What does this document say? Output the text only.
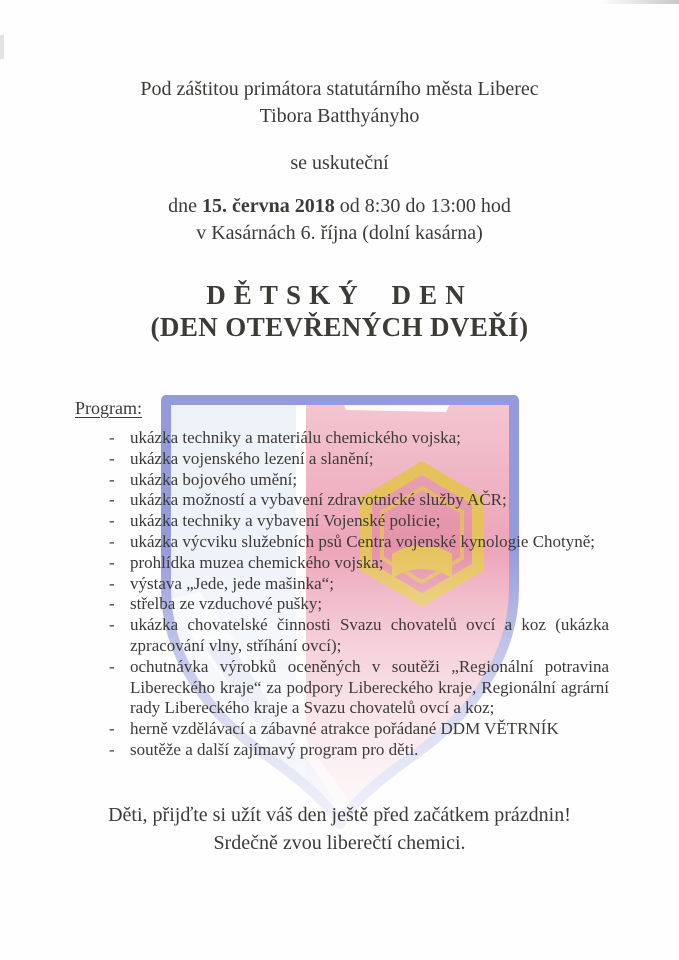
Pod záštitou primátora statutárního města Liberec
Tibora Batthyányho
se uskuteční
dne 15. června 2018 od 8:30 do 13:00 hod
v Kasárnách 6. října (dolní kasárna)
DĚTSKÝ DEN
(DEN OTEVŘENÝCH DVEŘÍ)
Program:
- ukázka techniky a materiálu chemického vojska;
- ukázka vojenského lezení a slanění;
- ukázka bojového umění;
- ukázka možností a vybavení zdravotnické služby AČR;
- ukázka techniky a vybavení Vojenské policie;
- ukázka výcviku služebních psů Centra vojenské kynologie Chotyně;
- prohlídka muzea chemického vojska;
- výstava „Jede, jede mašinka“;
- střelba ze vzduchové pušky;
- ukázka chovatelské činnosti Svazu chovatelů ovcí a koz (ukázka zpracování vlny, stříhání ovcí);
- ochutnávka výrobků oceněných v soutěži „Regionální potravina Libereckého kraje“ za podpory Libereckého kraje, Regionální agrární rady Libereckého kraje a Svazu chovatelů ovcí a koz;
- herně vzdělávací a zábavné atrakce pořádané DDM VĚTRNÍK
- soutěže a další zajímavý program pro děti.
Děti, přijďte si užít váš den ještě před začátkem prázdnin!
Srdečně zvou liberečtí chemici.
